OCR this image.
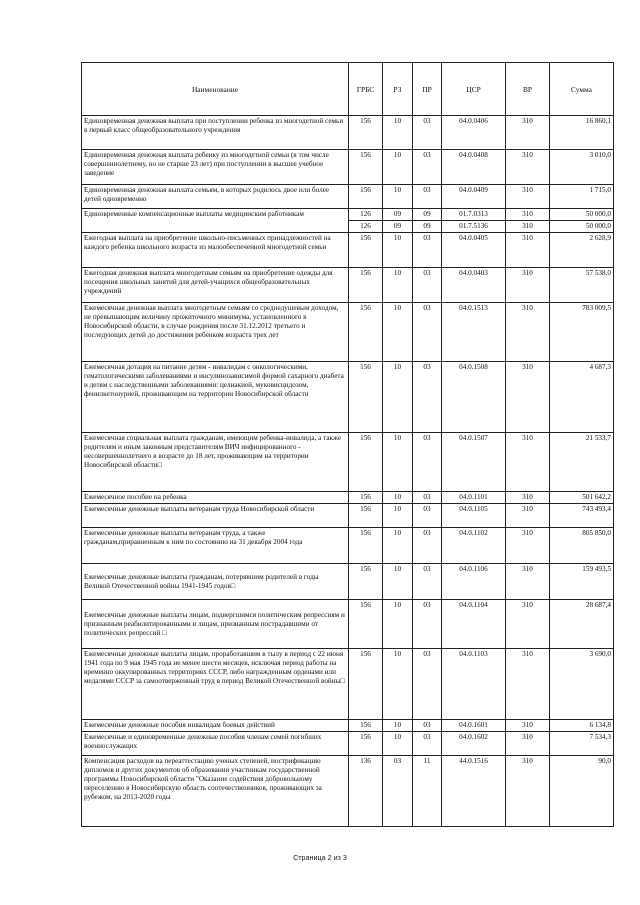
Наименование	ГРБС	РЗ	ПР	ЦСР	ВР	Сумма
Единовременная денежная выплата при поступлении ребенка из многодетной семьи в первый класс общеобразовательного учреждения	156	10	03	04.0.0406	310	16 860,1
Единовременная денежная выплата ребенку из многодетной семьи (в том числе совершеннолетнему, но не старше 23 лет) при поступлении в высшее учебное заведение	156	10	03	04.0.0408	310	3 010,0
Единовременная денежная выплата семьям, в которых родилось двое или более детей одновременно	156	10	03	04.0.0409	310	1 715,0
Единовременные компенсационные выплаты медицинским работникам	126	09	09	01.7.0313	310	50 000,0
	126	09	09	01.7.5136	310	50 000,0
Ежегодная выплата на приобретение школьно-письменных принадлежностей на каждого ребенка школьного возраста из малообеспеченной многодетной семьи	156	10	03	04.0.0405	310	2 628,9
Ежегодная денежная выплата многодетным семьям на приобретение одежды для посещения школьных занятий для детей-учащихся общеобразовательных учреждений	156	10	03	04.0.0403	310	57 538,0
Ежемесячная денежная выплата многодетным семьям со среднедушевым доходом, не превышающим величину прожиточного минимума, установленного в Новосибирской области, в случае рождения после 31.12.2012 третьего и последующих детей до достижения ребенком возраста трех лет	156	10	03	04.0.1513	310	783 009,5
Ежемесячная дотация на питание детям - инвалидам с онкологическими, гематологическими заболеваниями и инсулинозависимой формой сахарного диабета и детям с наследственными заболеваниями: целиакией, муковисцидозом, фенилкетонурией, проживающим на территории Новосибирской области	156	10	03	04.0.1508	310	4 687,3
Ежемесячная социальная выплата гражданам, имеющим ребенка-инвалида, а также родителям и иным законным представителям ВИЧ инфицированного - несовершеннолетнего в возрасте до 18 лет, проживающим на территории Новосибирской области□	156	10	03	04.0.1507	310	21 533,7
Ежемесячное пособие на ребенка	156	10	03	04.0.1101	310	501 642,2
Ежемесячные денежные выплаты ветеранам труда Новосибирской области	156	10	03	04.0.1105	310	743 493,4
Ежемесячные денежные выплаты ветеранам труда, а также гражданам,приравненным к ним по состоянию на 31 декабря 2004 года	156	10	03	04.0.1102	310	805 850,0
Ежемесячные денежные выплаты гражданам, потерявшим родителей в годы Великой Отечественной войны 1941-1945 годов□	156	10	03	04.0.1106	310	159 493,5
Ежемесячные денежные выплаты лицам, подвергшимся политическим репрессиям и признанным реабилитированными и лицам, признанным пострадавшими от политических репрессий □	156	10	03	04.0.1104	310	28 687,4
Ежемесячные денежные выплаты лицам, проработавшим в тылу в период с 22 июня 1941 года по 9 мая 1945 года не менее шести месяцев, исключая период работы на временно оккупированных территориях СССР, либо награжденным орденами или медалями СССР за самоотверженный труд в период Великой Отечественной войны□	156	10	03	04.0.1103	310	3 690,0
Ежемесячные денежные пособия инвалидам боевых действий	156	10	03	04.0.1601	310	6 134,8
Ежемесячные и единовременные денежные пособия членам семей погибших военнослужащих	156	10	03	04.0.1602	310	7 534,3
Компенсация расходов на переаттестацию ученых степеней, нострификацию дипломов и других документов об образовании участникам государственной программы Новосибирской области "Оказание содействия добровольному переселению в Новосибирскую область соотечественников, проживающих за рубежом, на 2013-2020 годы	136	03	11	44.0.1516	310	90,0
Страница 2 из 3
